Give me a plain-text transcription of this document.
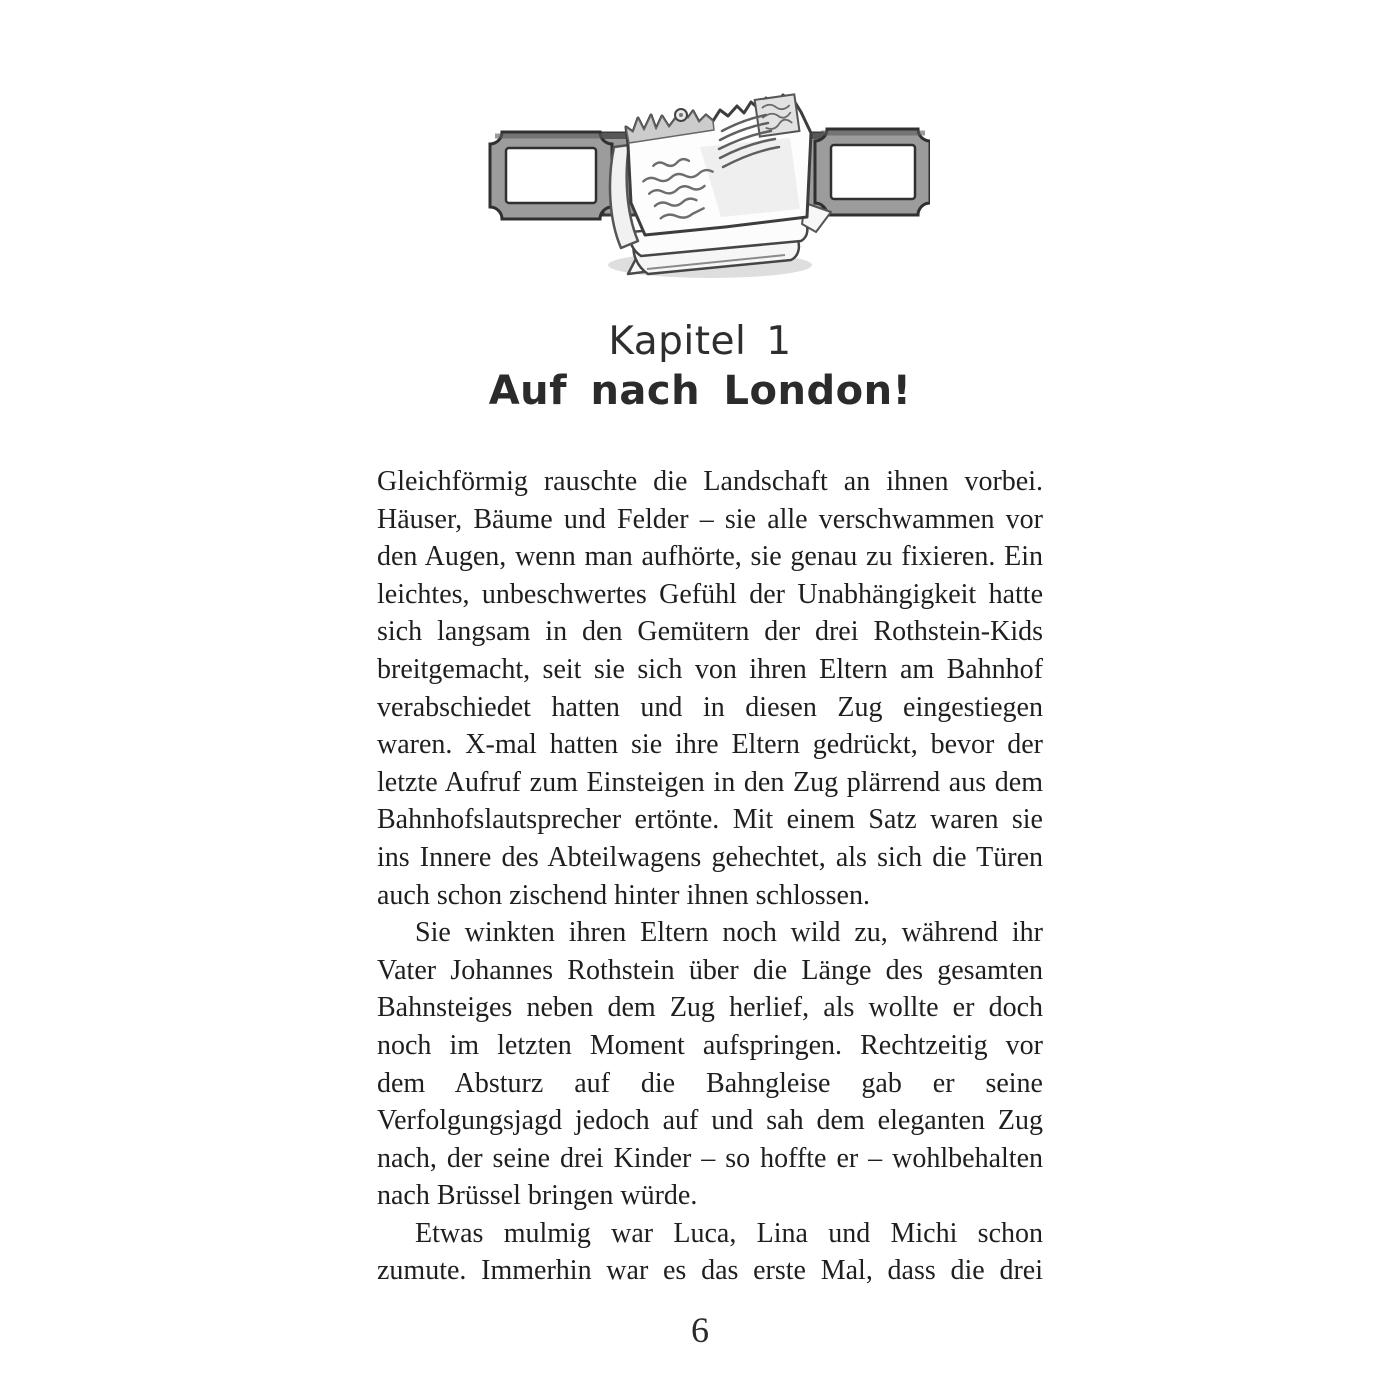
Kapitel 1
Auf nach London!
Gleichförmig rauschte die Landschaft an ihnen vorbei.
Häuser, Bäume und Felder – sie alle verschwammen vor
den Augen, wenn man aufhörte, sie genau zu fixieren. Ein
leichtes, unbeschwertes Gefühl der Unabhängigkeit hatte
sich langsam in den Gemütern der drei Rothstein-Kids
breitgemacht, seit sie sich von ihren Eltern am Bahnhof
verabschiedet hatten und in diesen Zug eingestiegen
waren. X-mal hatten sie ihre Eltern gedrückt, bevor der
letzte Aufruf zum Einsteigen in den Zug plärrend aus dem
Bahnhofslautsprecher ertönte. Mit einem Satz waren sie
ins Innere des Abteilwagens gehechtet, als sich die Türen
auch schon zischend hinter ihnen schlossen.
Sie winkten ihren Eltern noch wild zu, während ihr
Vater Johannes Rothstein über die Länge des gesamten
Bahnsteiges neben dem Zug herlief, als wollte er doch
noch im letzten Moment aufspringen. Rechtzeitig vor
dem Absturz auf die Bahngleise gab er seine
Verfolgungsjagd jedoch auf und sah dem eleganten Zug
nach, der seine drei Kinder – so hoffte er – wohlbehalten
nach Brüssel bringen würde.
Etwas mulmig war Luca, Lina und Michi schon
zumute. Immerhin war es das erste Mal, dass die drei
6
